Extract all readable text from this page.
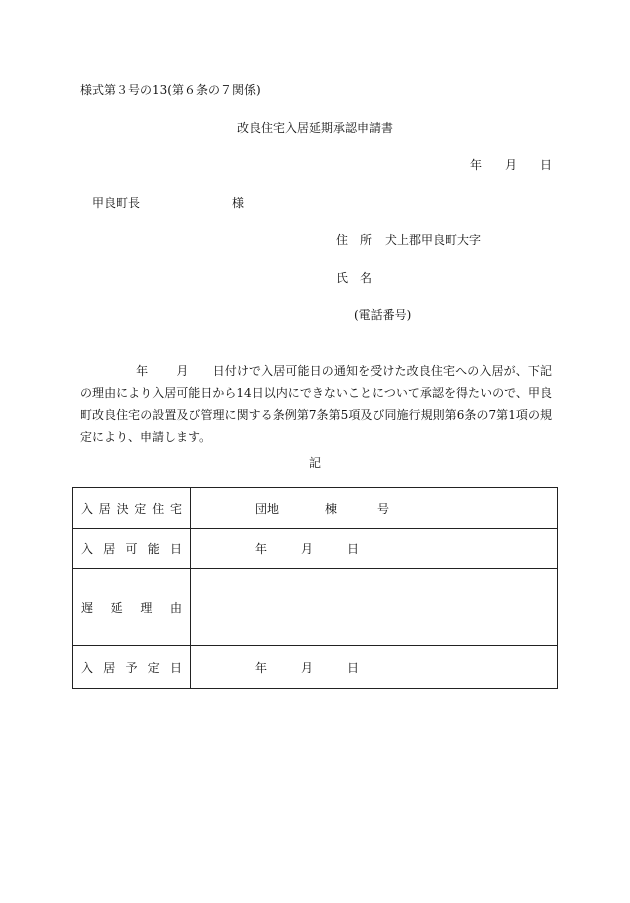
様式第３号の13(第６条の７関係)
改良住宅入居延期承認申請書
年 月 日
甲良町長	様
住　所 犬上郡甲良町大字
氏　名
(電話番号)
年 月 日付けで入居可能日の通知を受けた改良住宅への入居が、下記の理由により入居可能日から14日以内にできないことについて承認を得たいので、甲良町改良住宅の設置及び管理に関する条例第7条第5項及び同施行規則第6条の7第1項の規定により、申請します。
記
入居決定住宅	団地 棟 号

入居可能日	年 月 日

遅延理由	

入居予定日	年 月 日
